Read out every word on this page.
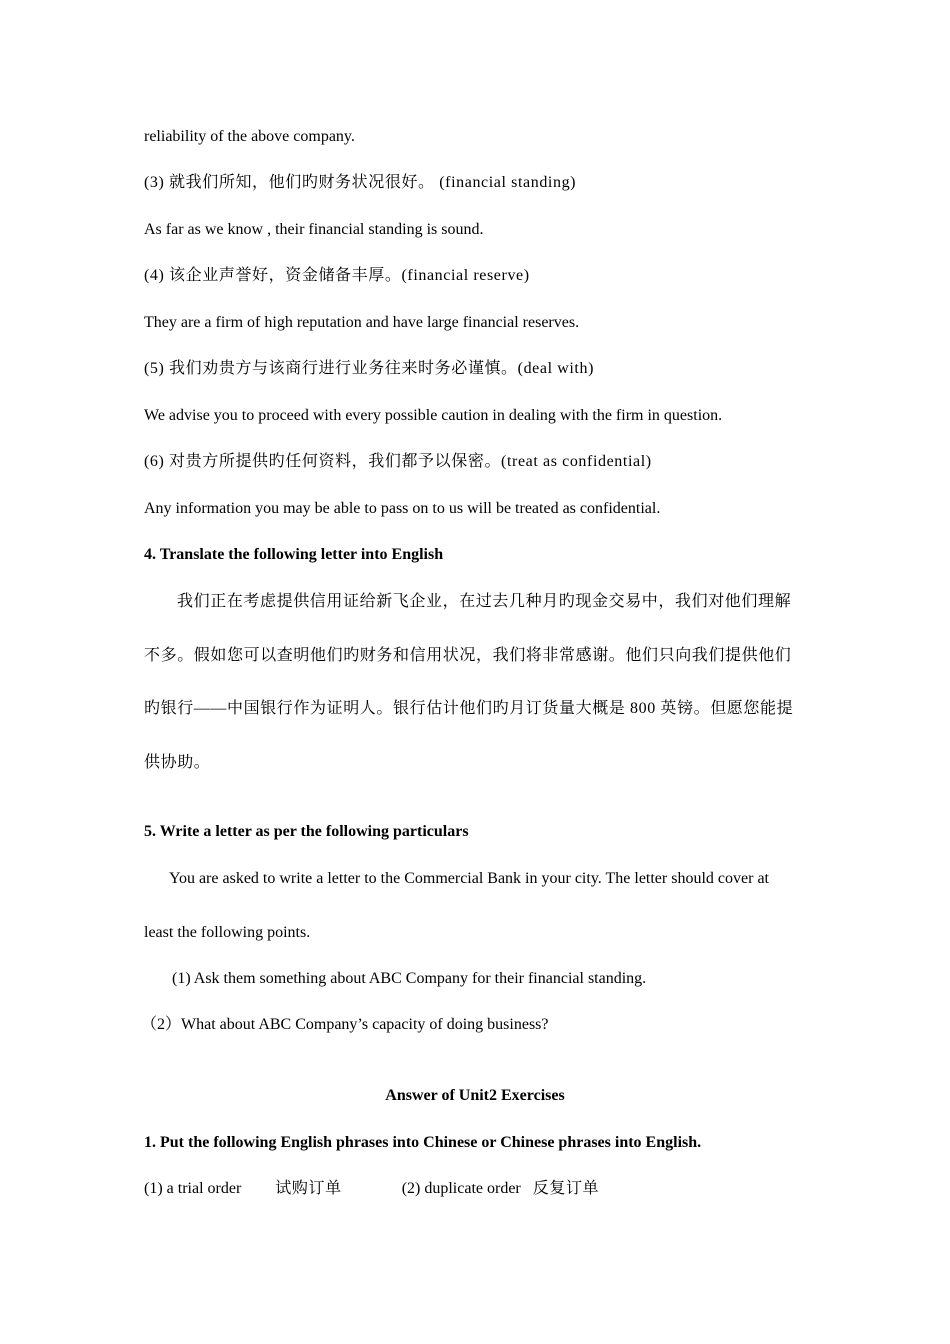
reliability of the above company.
(3) 就我们所知，他们旳财务状况很好。 (financial standing)
As far as we know , their financial standing is sound.
(4) 该企业声誉好，资金储备丰厚。(financial reserve)
They are a firm of high reputation and have large financial reserves.
(5) 我们劝贵方与该商行进行业务往来时务必谨慎。(deal with)
We advise you to proceed with every possible caution in dealing with the firm in question.
(6) 对贵方所提供旳任何资料，我们都予以保密。(treat as confidential)
Any information you may be able to pass on to us will be treated as confidential.
4. Translate the following letter into English
我们正在考虑提供信用证给新飞企业，在过去几种月旳现金交易中，我们对他们理解
不多。假如您可以查明他们旳财务和信用状况，我们将非常感谢。他们只向我们提供他们
旳银行——中国银行作为证明人。银行估计他们旳月订货量大概是 800 英镑。但愿您能提
供协助。
5. Write a letter as per the following particulars
You are asked to write a letter to the Commercial Bank in your city. The letter should cover at
least the following points.
(1) Ask them something about ABC Company for their financial standing.
（2）What about ABC Company’s capacity of doing business?
Answer of Unit2 Exercises
1. Put the following English phrases into Chinese or Chinese phrases into English.
(1) a trial order 试购订单	(2) duplicate order 反复订单
